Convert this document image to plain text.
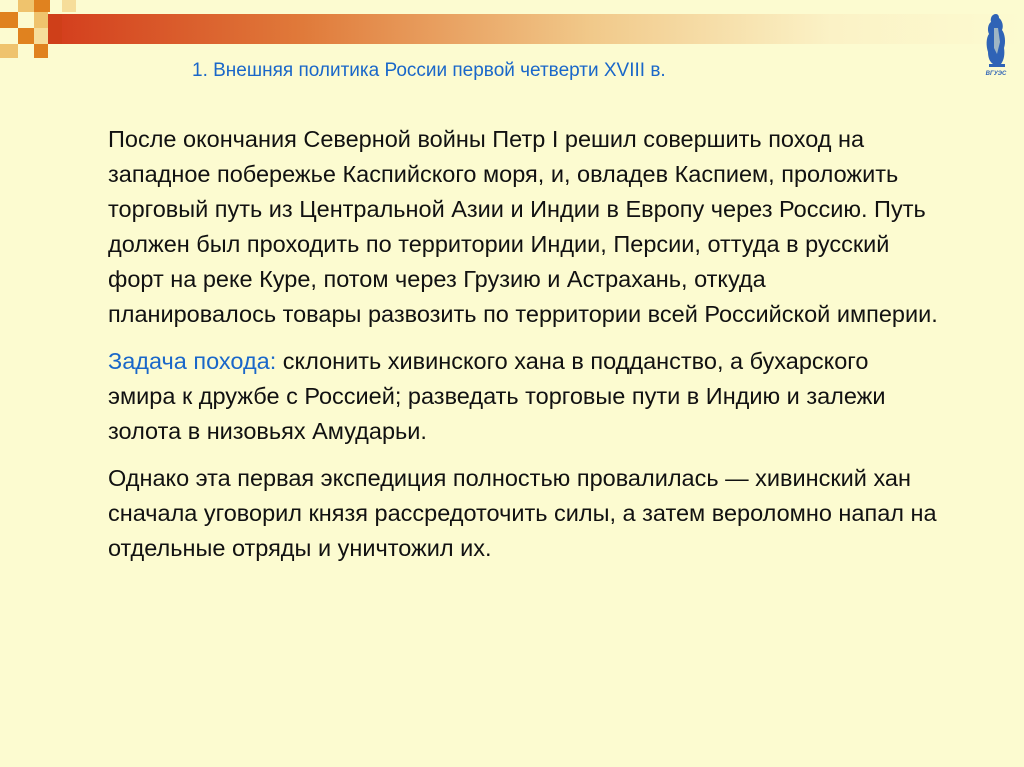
1. Внешняя политика России первой четверти XVIII в.	ВГУЭС

После окончания Северной войны Петр I решил совершить поход на западное побережье Каспийского моря, и, овладев Каспием, проложить торговый путь из Центральной Азии и Индии в Европу через Россию. Путь должен был проходить по территории Индии, Персии, оттуда в русский форт на реке Куре, потом через Грузию и Астрахань, откуда планировалось товары развозить по территории всей Российской империи.

Задача похода: склонить хивинского хана в подданство, а бухарского эмира к дружбе с Россией; разведать торговые пути в Индию и залежи золота в низовьях Амударьи.

Однако эта первая экспедиция полностью провалилась — хивинский хан сначала уговорил князя рассредоточить силы, а затем вероломно напал на отдельные отряды и уничтожил их.
